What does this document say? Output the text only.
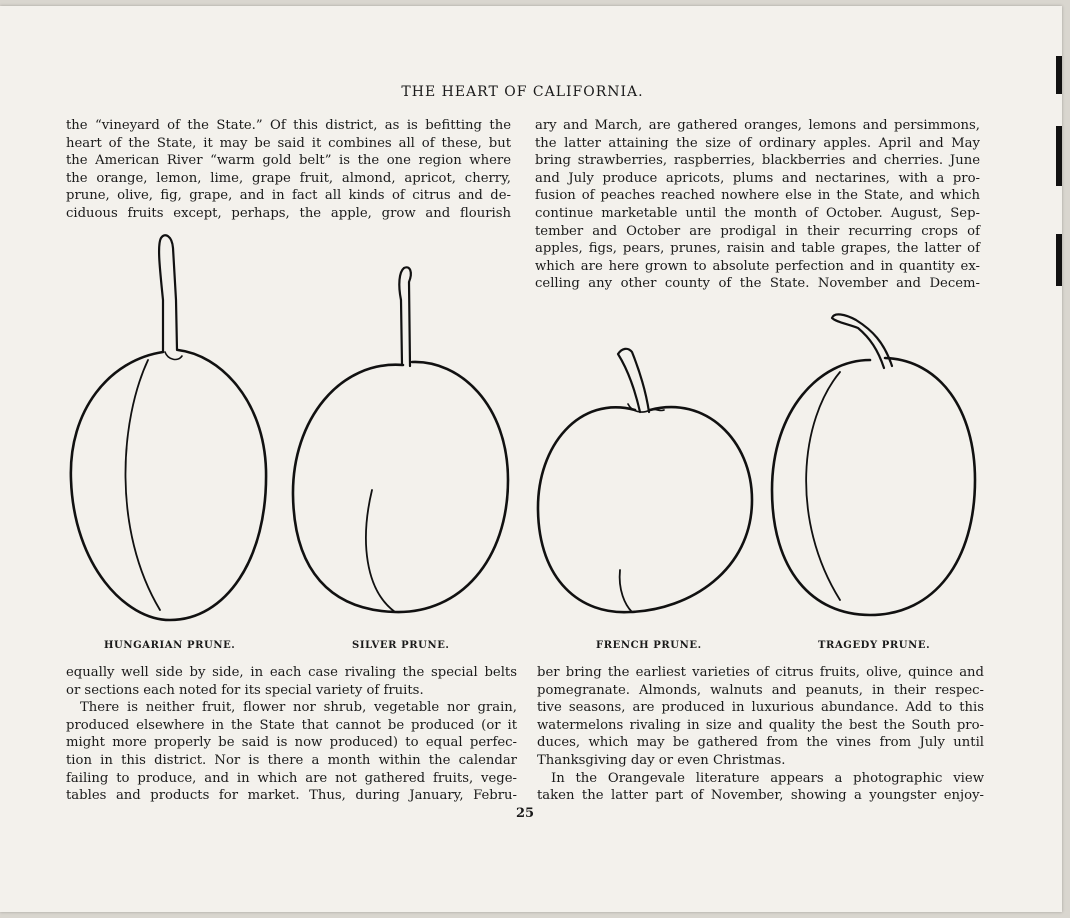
THE HEART OF CALIFORNIA.

the “vineyard of the State.” Of this district, as is befitting the

heart of the State, it may be said it combines all of these, but

the American River “warm gold belt” is the one region where

the orange, lemon, lime, grape fruit, almond, apricot, cherry,

prune, olive, fig, grape, and in fact all kinds of citrus and de-

ciduous fruits except, perhaps, the apple, grow and flourish

ary and March, are gathered oranges, lemons and persimmons,

the latter attaining the size of ordinary apples. April and May

bring strawberries, raspberries, blackberries and cherries. June

and July produce apricots, plums and nectarines, with a pro-

fusion of peaches reached nowhere else in the State, and which

continue marketable until the month of October. August, Sep-

tember and October are prodigal in their recurring crops of

apples, figs, pears, prunes, raisin and table grapes, the latter of

which are here grown to absolute perfection and in quantity ex-

celling any other county of the State. November and Decem-

HUNGARIAN PRUNE.	SILVER PRUNE.	FRENCH PRUNE.	TRAGEDY PRUNE.

equally well side by side, in each case rivaling the special belts

or sections each noted for its special variety of fruits.

There is neither fruit, flower nor shrub, vegetable nor grain,

produced elsewhere in the State that cannot be produced (or it

might more properly be said is now produced) to equal perfec-

tion in this district. Nor is there a month within the calendar

failing to produce, and in which are not gathered fruits, vege-

tables and products for market. Thus, during January, Febru-

ber bring the earliest varieties of citrus fruits, olive, quince and

pomegranate. Almonds, walnuts and peanuts, in their respec-

tive seasons, are produced in luxurious abundance. Add to this

watermelons rivaling in size and quality the best the South pro-

duces, which may be gathered from the vines from July until

Thanksgiving day or even Christmas.

In the Orangevale literature appears a photographic view

taken the latter part of November, showing a youngster enjoy-

25
